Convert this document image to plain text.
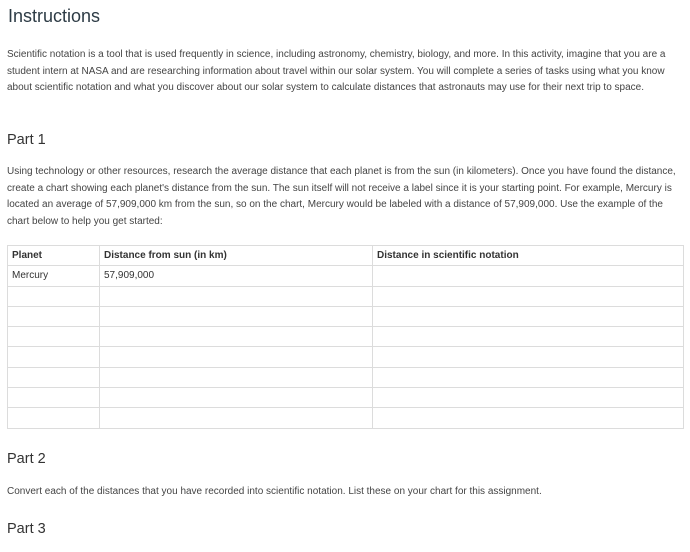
Instructions

Scientific notation is a tool that is used frequently in science, including astronomy, chemistry, biology, and more. In this activity, imagine that you are a student intern at NASA and are researching information about travel within our solar system. You will complete a series of tasks using what you know about scientific notation and what you discover about our solar system to calculate distances that astronauts may use for their next trip to space.

Part 1

Using technology or other resources, research the average distance that each planet is from the sun (in kilometers). Once you have found the distance, create a chart showing each planet's distance from the sun. The sun itself will not receive a label since it is your starting point. For example, Mercury is located an average of 57,909,000 km from the sun, so on the chart, Mercury would be labeled with a distance of 57,909,000. Use the example of the chart below to help you get started:

Planet	Distance from sun (in km)	Distance in scientific notation
Mercury	57,909,000	

Part 2

Convert each of the distances that you have recorded into scientific notation. List these on your chart for this assignment.

Part 3
